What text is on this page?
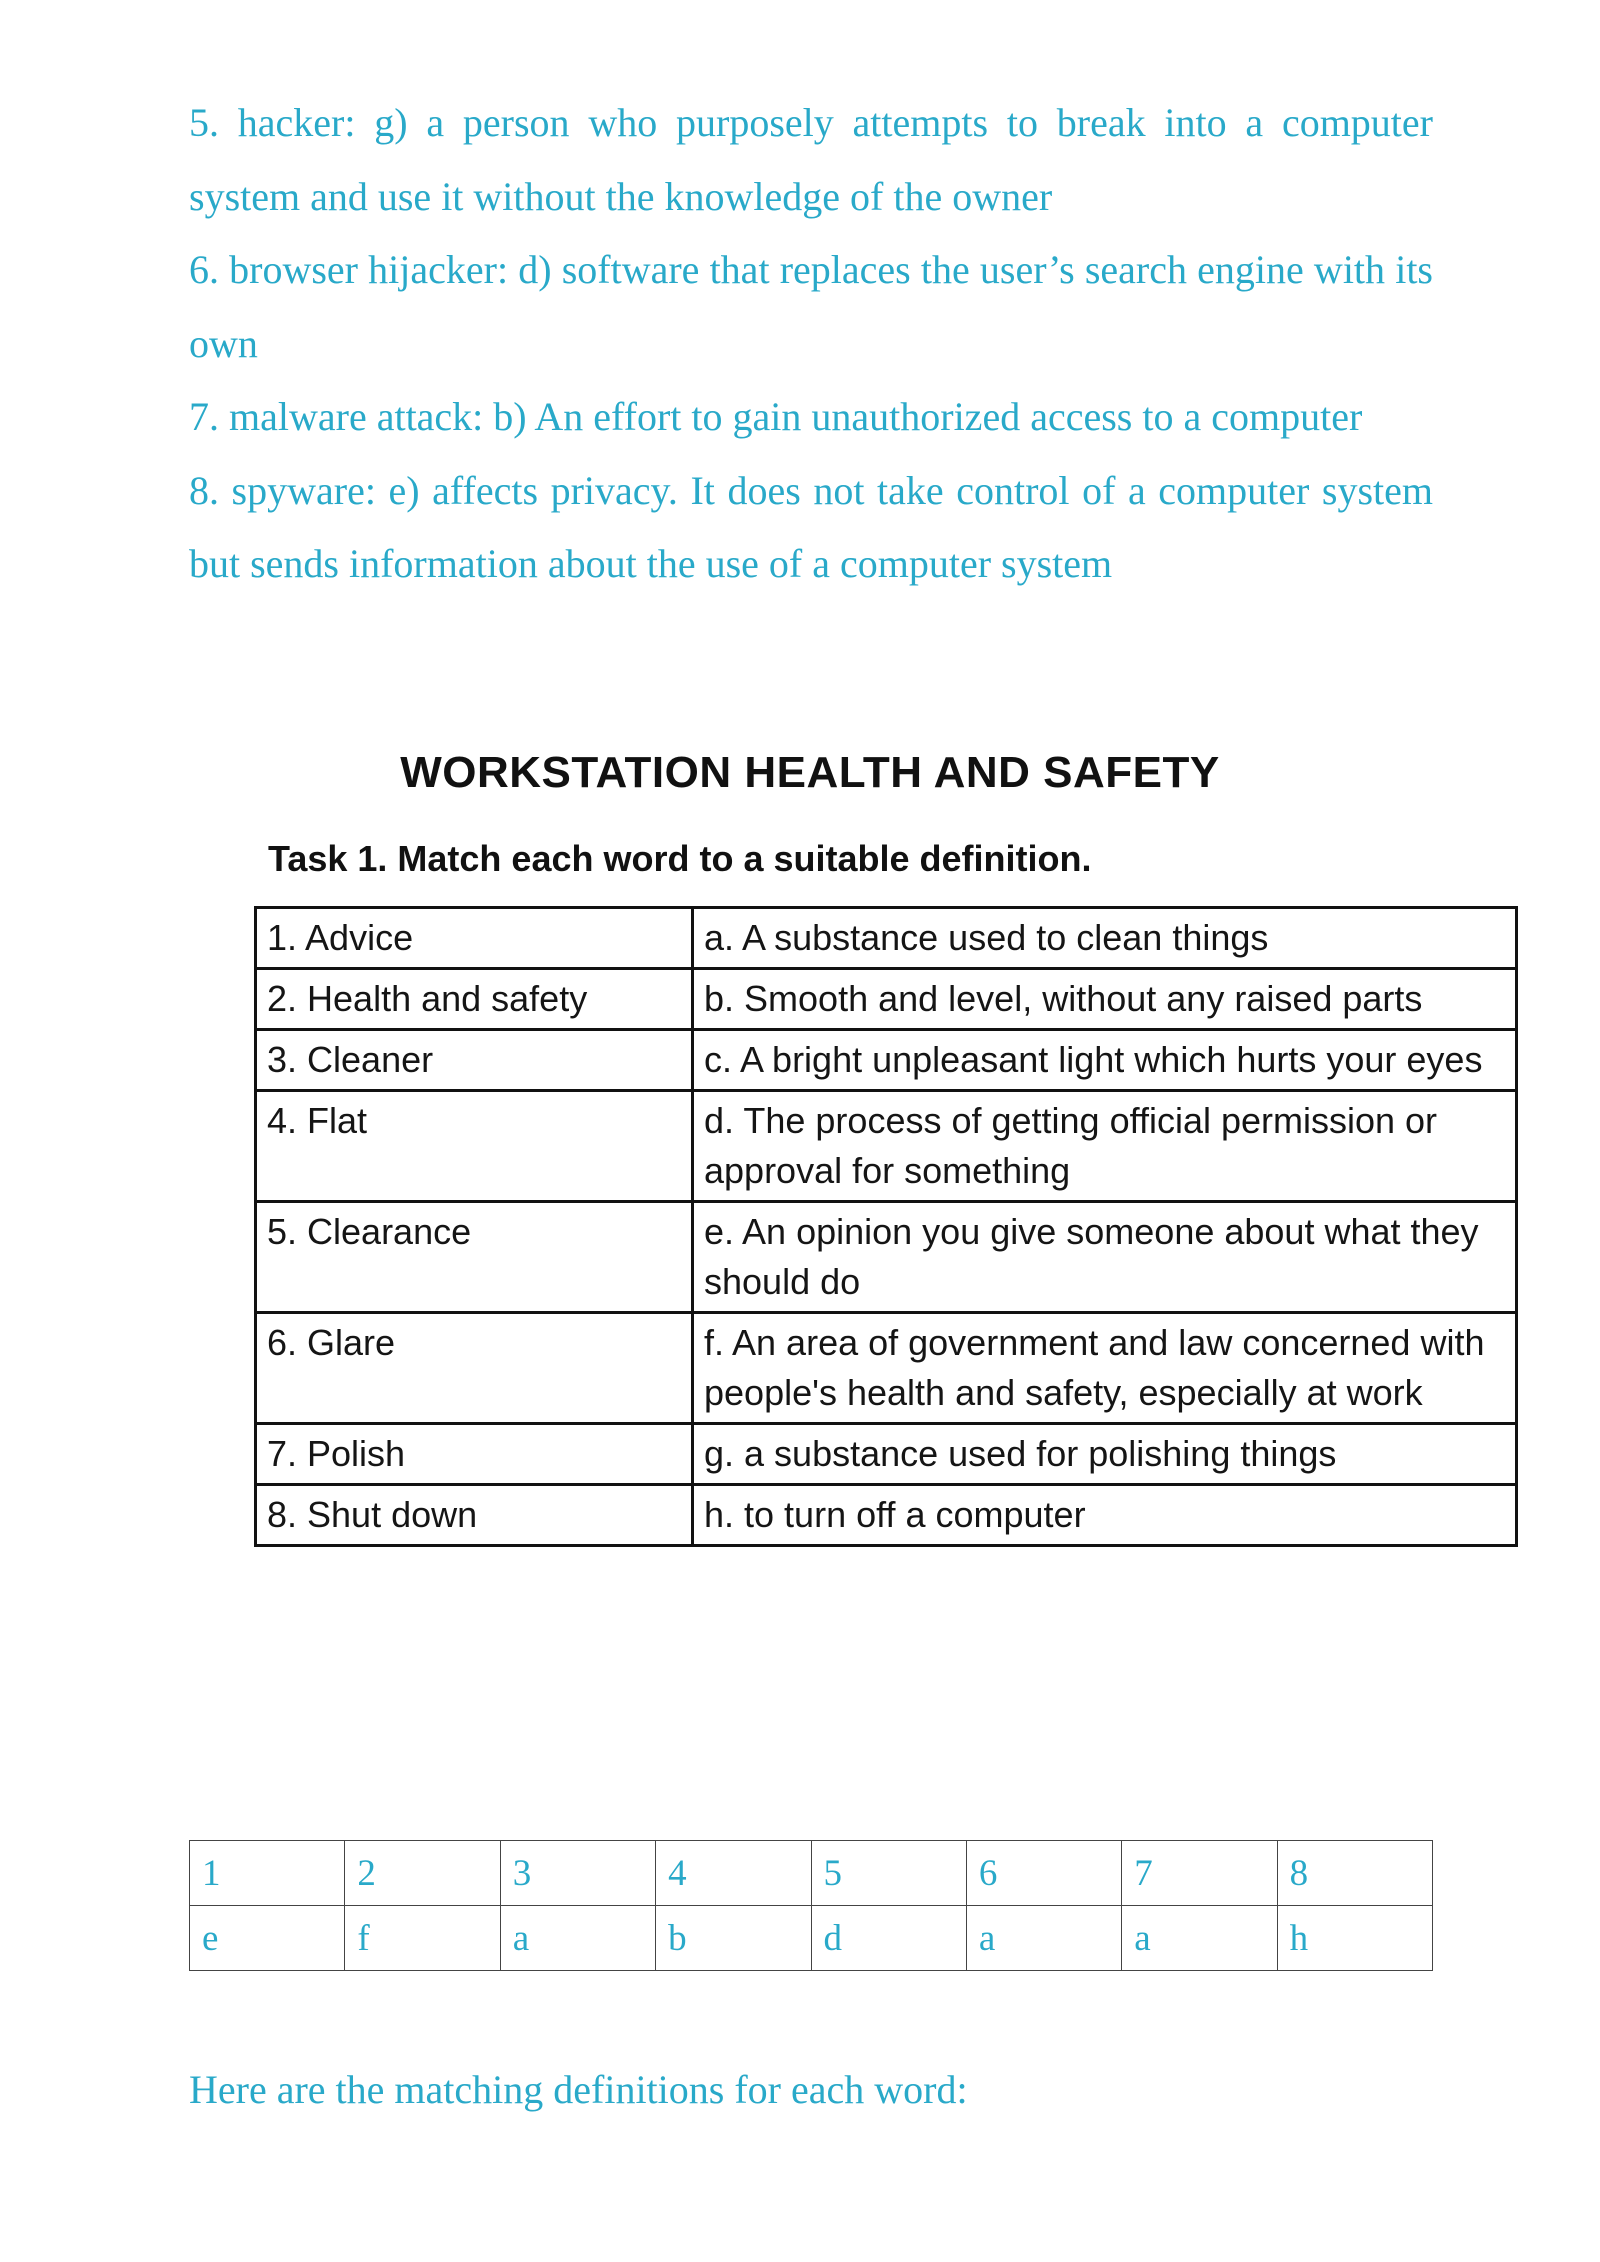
5. hacker: g) a person who purposely attempts to break into a computer system and use it without the knowledge of the owner

6. browser hijacker: d) software that replaces the user’s search engine with its own

7. malware attack: b) An effort to gain unauthorized access to a computer

8. spyware: e) affects privacy. It does not take control of a computer system but sends information about the use of a computer system

WORKSTATION HEALTH AND SAFETY
Task 1. Match each word to a suitable definition.
1. Advice	a. A substance used to clean things
2. Health and safety	b. Smooth and level, without any raised parts
3. Cleaner	c. A bright unpleasant light which hurts your eyes
4. Flat	d. The process of getting official permission or approval for something
5. Clearance	e. An opinion you give someone about what they should do
6. Glare	f. An area of government and law concerned with people's health and safety, especially at work
7. Polish	g. a substance used for polishing things
8. Shut down	h. to turn off a computer
1	2	3	4	5	6	7	8
e	f	a	b	d	a	a	h
Here are the matching definitions for each word:
